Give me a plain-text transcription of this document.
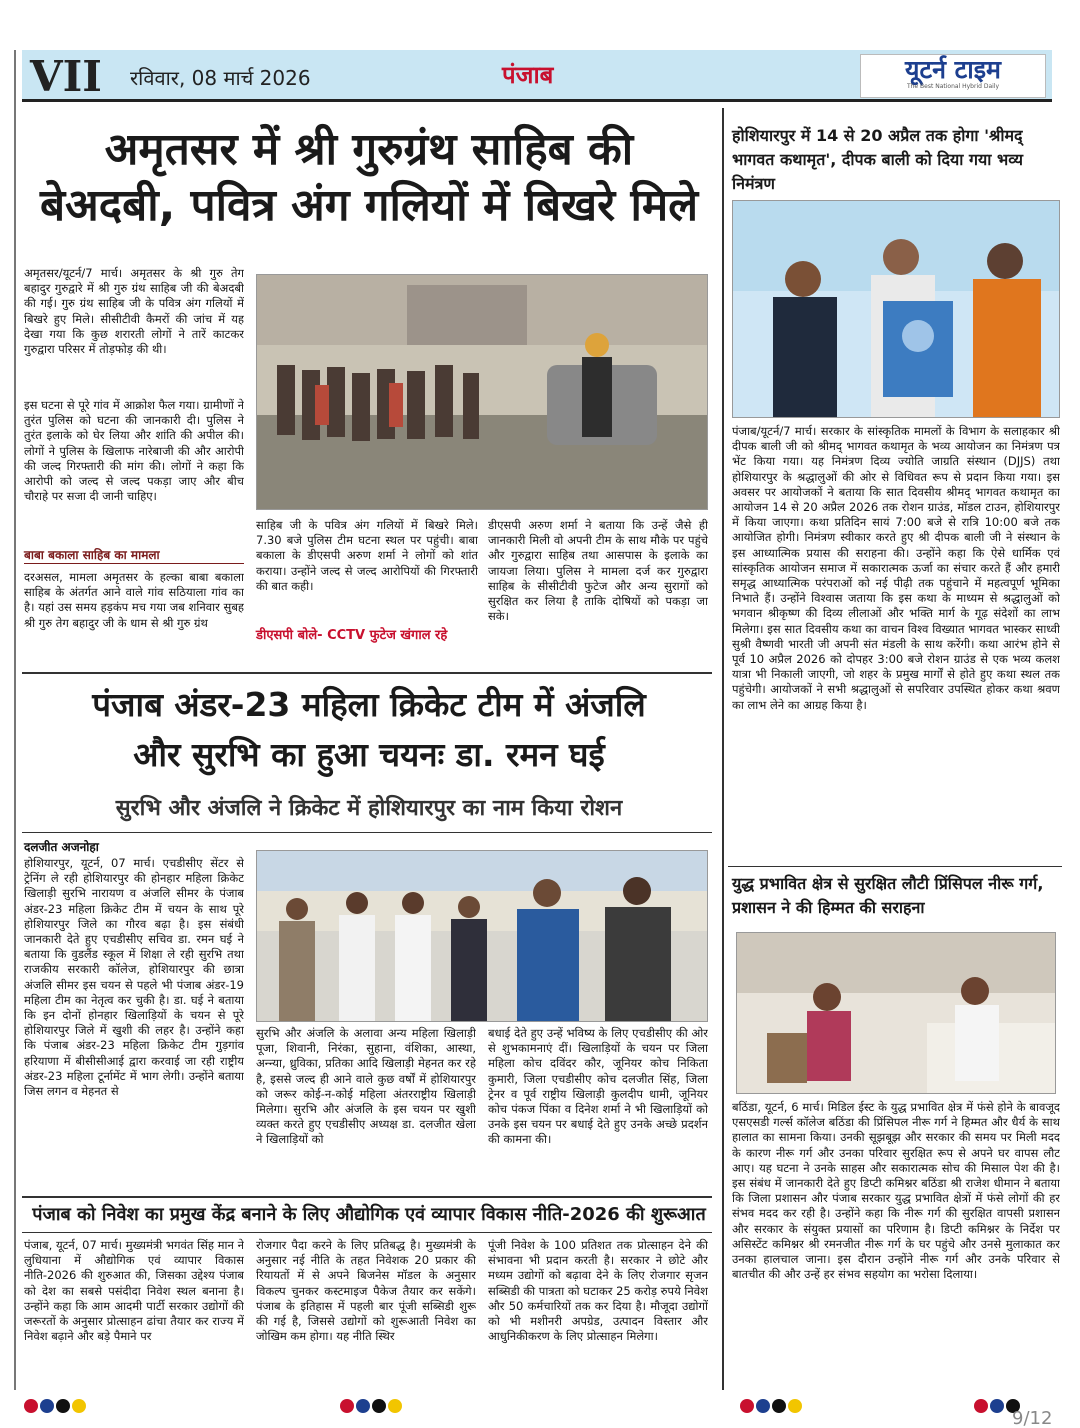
VII रविवार, 08 मार्च 2026	पंजाब	यूटर्न टाइम
The Best National Hybrid Daily
अमृतसर में श्री गुरुग्रंथ साहिब की
बेअदबी, पवित्र अंग गलियों में बिखरे मिले
अमृतसर/यूटर्न/7 मार्च। अमृतसर के श्री गुरु तेग बहादुर गुरुद्वारे में श्री गुरु ग्रंथ साहिब जी की बेअदबी की गई। गुरु ग्रंथ साहिब जी के पवित्र अंग गलियों में बिखरे हुए मिले। सीसीटीवी कैमरों की जांच में यह देखा गया कि कुछ शरारती लोगों ने तारें काटकर गुरुद्वारा परिसर में तोड़फोड़ की थी।
इस घटना से पूरे गांव में आक्रोश फैल गया। ग्रामीणों ने तुरंत पुलिस को घटना की जानकारी दी। पुलिस ने तुरंत इलाके को घेर लिया और शांति की अपील की। लोगों ने पुलिस के खिलाफ नारेबाजी की और आरोपी की जल्द गिरफ्तारी की मांग की। लोगों ने कहा कि आरोपी को जल्द से जल्द पकड़ा जाए और बीच चौराहे पर सजा दी जानी चाहिए।
बाबा बकाला साहिब का मामला
दरअसल, मामला अमृतसर के हल्का बाबा बकाला साहिब के अंतर्गत आने वाले गांव सठियाला गांव का है। यहां उस समय हड़कंप मच गया जब शनिवार सुबह श्री गुरु तेग बहादुर जी के धाम से श्री गुरु ग्रंथ
साहिब जी के पवित्र अंग गलियों में बिखरे मिले। 7.30 बजे पुलिस टीम घटना स्थल पर पहुंची। बाबा बकाला के डीएसपी अरुण शर्मा ने लोगों को शांत कराया। उन्होंने जल्द से जल्द आरोपियों की गिरफ्तारी की बात कही।
डीएसपी बोले- CCTV फुटेज खंगाल रहे
डीएसपी अरुण शर्मा ने बताया कि उन्हें जैसे ही जानकारी मिली वो अपनी टीम के साथ मौके पर पहुंचे और गुरुद्वारा साहिब तथा आसपास के इलाके का जायजा लिया। पुलिस ने मामला दर्ज कर गुरुद्वारा साहिब के सीसीटीवी फुटेज और अन्य सुरागों को सुरक्षित कर लिया है ताकि दोषियों को पकड़ा जा सके।
पंजाब अंडर-23 महिला क्रिकेट टीम में अंजलि
और सुरभि का हुआ चयनः डा. रमन घई
सुरभि और अंजलि ने क्रिकेट में होशियारपुर का नाम किया रोशन
दलजीत अजनोहा
होशियारपुर, यूटर्न, 07 मार्च। एचडीसीए सेंटर से ट्रेनिंग ले रही होशियारपुर की होनहार महिला क्रिकेट खिलाड़ी सुरभि नारायण व अंजलि सीमर के पंजाब अंडर-23 महिला क्रिकेट टीम में चयन के साथ पूरे होशियारपुर जिले का गौरव बढ़ा है। इस संबंधी जानकारी देते हुए एचडीसीए सचिव डा. रमन घई ने बताया कि वुडलैंड स्कूल में शिक्षा ले रही सुरभि तथा राजकीय सरकारी कॉलेज, होशियारपुर की छात्रा अंजलि सीमर इस चयन से पहले भी पंजाब अंडर-19 महिला टीम का नेतृत्व कर चुकी है। डा. घई ने बताया कि इन दोनों होनहार खिलाड़ियों के चयन से पूरे होशियारपुर जिले में खुशी की लहर है। उन्होंने कहा कि पंजाब अंडर-23 महिला क्रिकेट टीम गुड़गांव हरियाणा में बीसीसीआई द्वारा करवाई जा रही राष्ट्रीय अंडर-23 महिला टूर्नामेंट में भाग लेगी। उन्होंने बताया जिस लगन व मेहनत से
सुरभि और अंजलि के अलावा अन्य महिला खिलाड़ी पूजा, शिवानी, निरंका, सुहाना, वंशिका, आस्था, अन्न्या, ध्रुविका, प्रतिका आदि खिलाड़ी मेहनत कर रहे है, इससे जल्द ही आने वाले कुछ वर्षों में होशियारपुर को जरूर कोई-न-कोई महिला अंतरराष्ट्रीय खिलाड़ी मिलेगा। सुरभि और अंजलि के इस चयन पर खुशी व्यक्त करते हुए एचडीसीए अध्यक्ष डा. दलजीत खेला ने खिलाड़ियों को
बधाई देते हुए उन्हें भविष्य के लिए एचडीसीए की ओर से शुभकामनाएं दीं। खिलाड़ियों के चयन पर जिला महिला कोच दविंदर कौर, जूनियर कोच निकिता कुमारी, जिला एचडीसीए कोच दलजीत सिंह, जिला ट्रेनर व पूर्व राष्ट्रीय खिलाड़ी कुलदीप धामी, जूनियर कोच पंकज पिंका व दिनेश शर्मा ने भी खिलाड़ियों को उनके इस चयन पर बधाई देते हुए उनके अच्छे प्रदर्शन की कामना की।
पंजाब को निवेश का प्रमुख केंद्र बनाने के लिए औद्योगिक एवं व्यापार विकास नीति-2026 की शुरूआत
पंजाब, यूटर्न, 07 मार्च। मुख्यमंत्री भगवंत सिंह मान ने लुधियाना में औद्योगिक एवं व्यापार विकास नीति-2026 की शुरुआत की, जिसका उद्देश्य पंजाब को देश का सबसे पसंदीदा निवेश स्थल बनाना है। उन्होंने कहा कि आम आदमी पार्टी सरकार उद्योगों की जरूरतों के अनुसार प्रोत्साहन ढांचा तैयार कर राज्य में निवेश बढ़ाने और बड़े पैमाने पर
रोजगार पैदा करने के लिए प्रतिबद्ध है। मुख्यमंत्री के अनुसार नई नीति के तहत निवेशक 20 प्रकार की रियायतों में से अपने बिजनेस मॉडल के अनुसार विकल्प चुनकर कस्टमाइज पैकेज तैयार कर सकेंगे। पंजाब के इतिहास में पहली बार पूंजी सब्सिडी शुरू की गई है, जिससे उद्योगों को शुरूआती निवेश का जोखिम कम होगा। यह नीति स्थिर
पूंजी निवेश के 100 प्रतिशत तक प्रोत्साहन देने की संभावना भी प्रदान करती है। सरकार ने छोटे और मध्यम उद्योगों को बढ़ावा देने के लिए रोजगार सृजन सब्सिडी की पात्रता को घटाकर 25 करोड़ रुपये निवेश और 50 कर्मचारियों तक कर दिया है। मौजूदा उद्योगों को भी मशीनरी अपग्रेड, उत्पादन विस्तार और आधुनिकीकरण के लिए प्रोत्साहन मिलेगा।
होशियारपुर में 14 से 20 अप्रैल तक होगा 'श्रीमद् भागवत कथामृत', दीपक बाली को दिया गया भव्य निमंत्रण
पंजाब/यूटर्न/7 मार्च। सरकार के सांस्कृतिक मामलों के विभाग के सलाहकार श्री दीपक बाली जी को श्रीमद् भागवत कथामृत के भव्य आयोजन का निमंत्रण पत्र भेंट किया गया। यह निमंत्रण दिव्य ज्योति जाग्रति संस्थान (DJJS) तथा होशियारपुर के श्रद्धालुओं की ओर से विधिवत रूप से प्रदान किया गया। इस अवसर पर आयोजकों ने बताया कि सात दिवसीय श्रीमद् भागवत कथामृत का आयोजन 14 से 20 अप्रैल 2026 तक रोशन ग्राउंड, मॉडल टाउन, होशियारपुर में किया जाएगा। कथा प्रतिदिन सायं 7:00 बजे से रात्रि 10:00 बजे तक आयोजित होगी। निमंत्रण स्वीकार करते हुए श्री दीपक बाली जी ने संस्थान के इस आध्यात्मिक प्रयास की सराहना की। उन्होंने कहा कि ऐसे धार्मिक एवं सांस्कृतिक आयोजन समाज में सकारात्मक ऊर्जा का संचार करते हैं और हमारी समृद्ध आध्यात्मिक परंपराओं को नई पीढ़ी तक पहुंचाने में महत्वपूर्ण भूमिका निभाते हैं। उन्होंने विश्वास जताया कि इस कथा के माध्यम से श्रद्धालुओं को भगवान श्रीकृष्ण की दिव्य लीलाओं और भक्ति मार्ग के गूढ़ संदेशों का लाभ मिलेगा। इस सात दिवसीय कथा का वाचन विश्व विख्यात भागवत भास्कर साध्वी सुश्री वैष्णवी भारती जी अपनी संत मंडली के साथ करेंगी। कथा आरंभ होने से पूर्व 10 अप्रैल 2026 को दोपहर 3:00 बजे रोशन ग्राउंड से एक भव्य कलश यात्रा भी निकाली जाएगी, जो शहर के प्रमुख मार्गों से होते हुए कथा स्थल तक पहुंचेगी। आयोजकों ने सभी श्रद्धालुओं से सपरिवार उपस्थित होकर कथा श्रवण का लाभ लेने का आग्रह किया है।
युद्ध प्रभावित क्षेत्र से सुरक्षित लौटी प्रिंसिपल नीरू गर्ग, प्रशासन ने की हिम्मत की सराहना
बठिंडा, यूटर्न, 6 मार्च। मिडिल ईस्ट के युद्ध प्रभावित क्षेत्र में फंसे होने के बावजूद एसएसडी गर्ल्स कॉलेज बठिंडा की प्रिंसिपल नीरू गर्ग ने हिम्मत और धैर्य के साथ हालात का सामना किया। उनकी सूझबूझ और सरकार की समय पर मिली मदद के कारण नीरू गर्ग और उनका परिवार सुरक्षित रूप से अपने घर वापस लौट आए। यह घटना ने उनके साहस और सकारात्मक सोच की मिसाल पेश की है। इस संबंध में जानकारी देते हुए डिप्टी कमिश्नर बठिंडा श्री राजेश धीमान ने बताया कि जिला प्रशासन और पंजाब सरकार युद्ध प्रभावित क्षेत्रों में फंसे लोगों की हर संभव मदद कर रही है। उन्होंने कहा कि नीरू गर्ग की सुरक्षित वापसी प्रशासन और सरकार के संयुक्त प्रयासों का परिणाम है। डिप्टी कमिश्नर के निर्देश पर असिस्टेंट कमिश्नर श्री रमनजीत नीरू गर्ग के घर पहुंचे और उनसे मुलाकात कर उनका हालचाल जाना। इस दौरान उन्होंने नीरू गर्ग और उनके परिवार से बातचीत की और उन्हें हर संभव सहयोग का भरोसा दिलाया।
9/12
